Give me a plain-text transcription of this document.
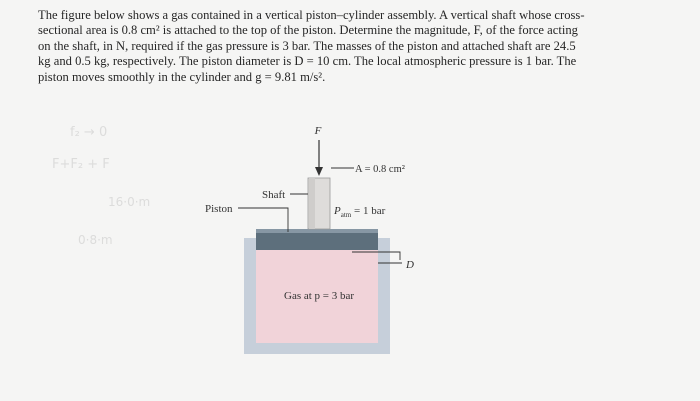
The figure below shows a gas contained in a vertical piston–cylinder assembly. A vertical shaft whose cross-
sectional area is 0.8 cm² is attached to the top of the piston. Determine the magnitude, F, of the force acting
on the shaft, in N, required if the gas pressure is 3 bar. The masses of the piston and attached shaft are 24.5
kg and 0.5 kg, respectively. The piston diameter is D = 10 cm. The local atmospheric pressure is 1 bar. The
piston moves smoothly in the cylinder and g = 9.81 m/s².
f₂ → 0
F+F₂ + F
16·0·m
0·8·m
F
A = 0.8 cm²
Shaft
Piston	$P_{atm} = 1$ bar
D
Gas at p = 3 bar
